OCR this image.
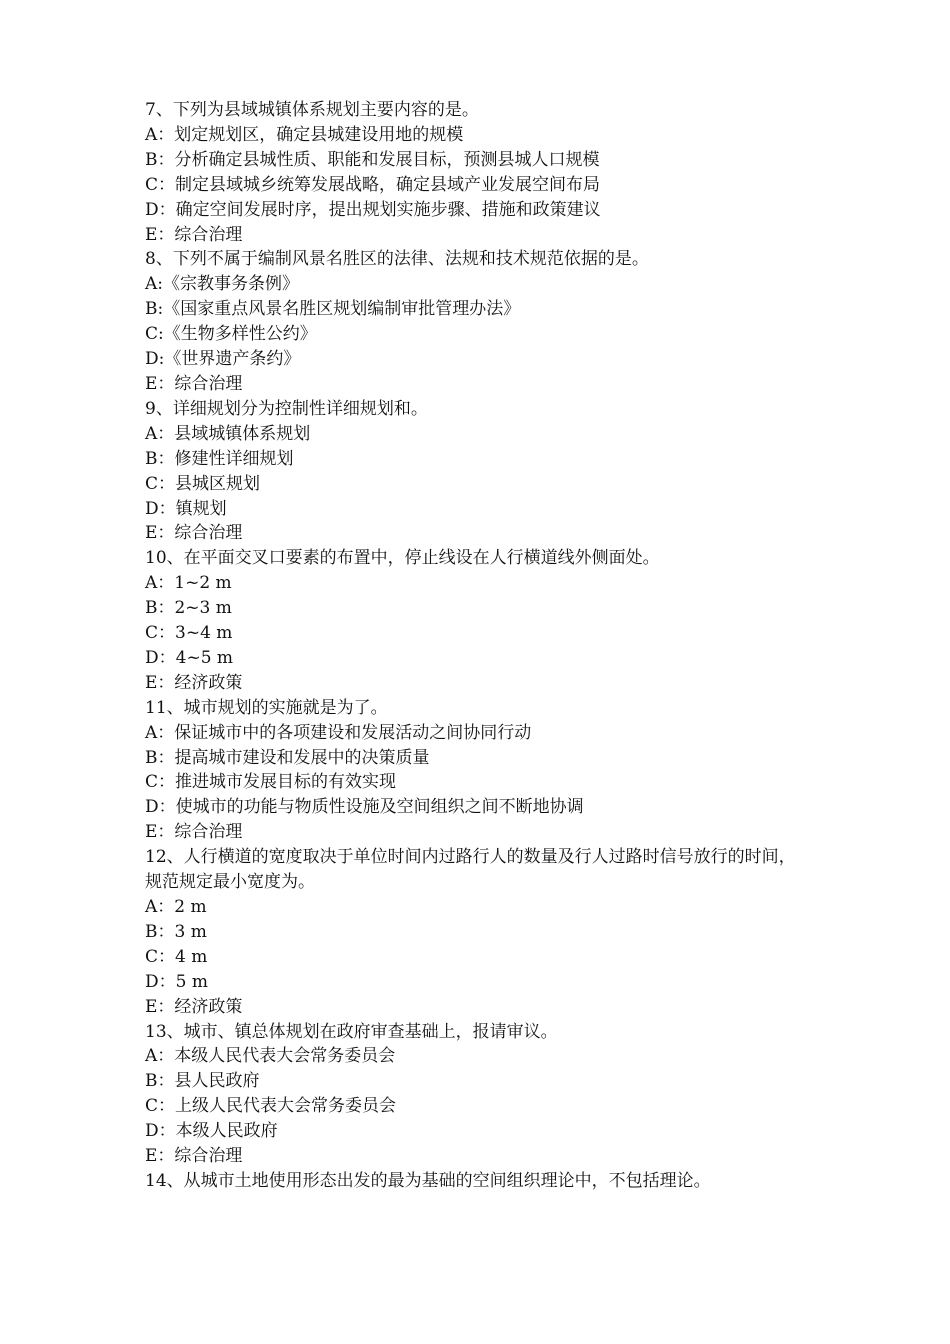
7、下列为县域城镇体系规划主要内容的是。
A：划定规划区，确定县城建设用地的规模
B：分析确定县城性质、职能和发展目标，预测县城人口规模
C：制定县域城乡统筹发展战略，确定县域产业发展空间布局
D：确定空间发展时序，提出规划实施步骤、措施和政策建议
E：综合治理
8、下列不属于编制风景名胜区的法律、法规和技术规范依据的是。
A:《宗教事务条例》
B:《国家重点风景名胜区规划编制审批管理办法》
C:《生物多样性公约》
D:《世界遗产条约》
E：综合治理
9、详细规划分为控制性详细规划和。
A：县域城镇体系规划
B：修建性详细规划
C：县城区规划
D：镇规划
E：综合治理
10、在平面交叉口要素的布置中，停止线设在人行横道线外侧面处。
A：1~2 m
B：2~3 m
C：3~4 m
D：4~5 m
E：经济政策
11、城市规划的实施就是为了。
A：保证城市中的各项建设和发展活动之间协同行动
B：提高城市建设和发展中的决策质量
C：推进城市发展目标的有效实现
D：使城市的功能与物质性设施及空间组织之间不断地协调
E：综合治理
12、人行横道的宽度取决于单位时间内过路行人的数量及行人过路时信号放行的时间，规范规定最小宽度为。
A：2 m
B：3 m
C：4 m
D：5 m
E：经济政策
13、城市、镇总体规划在政府审查基础上，报请审议。
A：本级人民代表大会常务委员会
B：县人民政府
C：上级人民代表大会常务委员会
D：本级人民政府
E：综合治理
14、从城市土地使用形态出发的最为基础的空间组织理论中，不包括理论。
